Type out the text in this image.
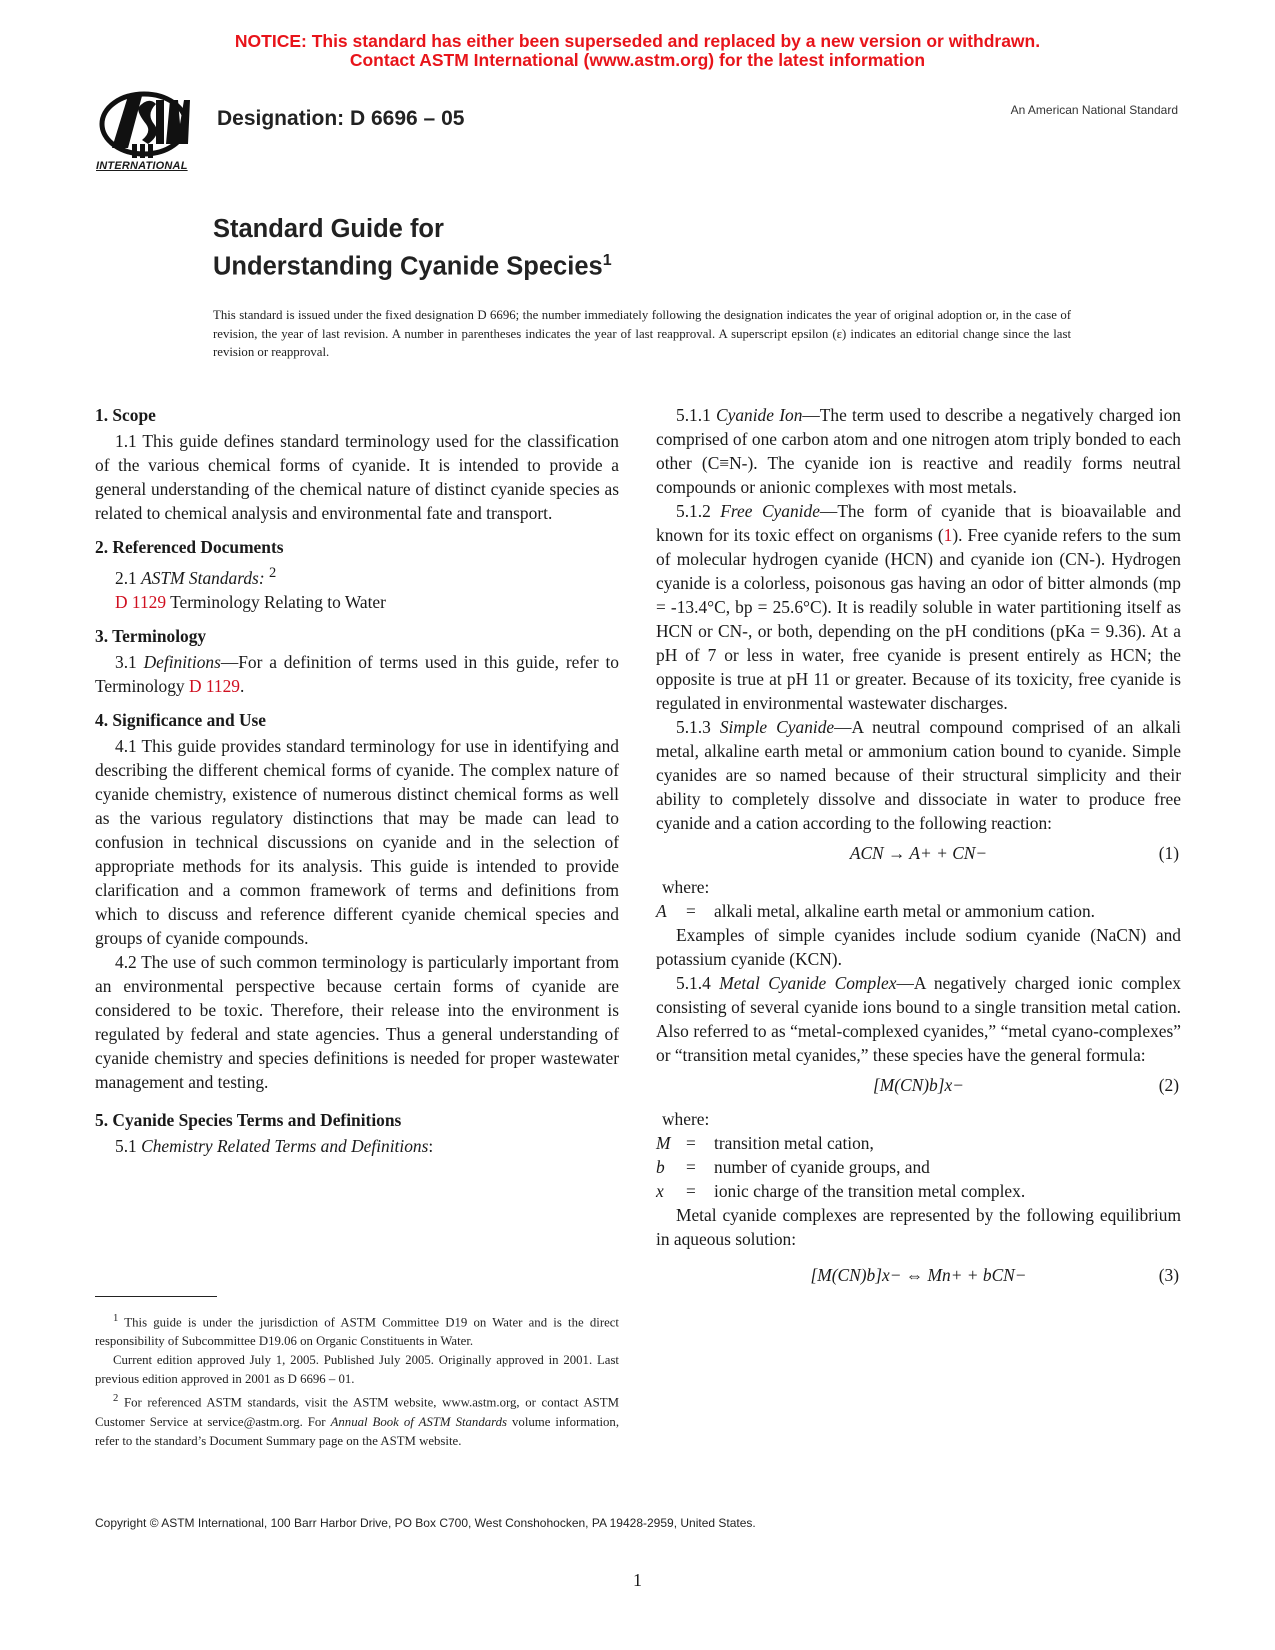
NOTICE: This standard has either been superseded and replaced by a new version or withdrawn.
Contact ASTM International (www.astm.org) for the latest information
INTERNATIONAL
Designation: D 6696 – 05	An American National Standard
Standard Guide for
Understanding Cyanide Species$^1$
This standard is issued under the fixed designation D 6696; the number immediately following the designation indicates the year of original adoption or, in the case of revision, the year of last revision. A number in parentheses indicates the year of last reapproval. A superscript epsilon (ε) indicates an editorial change since the last revision or reapproval.

1. Scope

1.1 This guide defines standard terminology used for the classification of the various chemical forms of cyanide. It is intended to provide a general understanding of the chemical nature of distinct cyanide species as related to chemical analysis and environmental fate and transport.

2. Referenced Documents

2.1 ASTM Standards: $^2$

D 1129 Terminology Relating to Water

3. Terminology

3.1 Definitions—For a definition of terms used in this guide, refer to Terminology D 1129.

4. Significance and Use

4.1 This guide provides standard terminology for use in identifying and describing the different chemical forms of cyanide. The complex nature of cyanide chemistry, existence of numerous distinct chemical forms as well as the various regulatory distinctions that may be made can lead to confusion in technical discussions on cyanide and in the selection of appropriate methods for its analysis. This guide is intended to provide clarification and a common framework of terms and definitions from which to discuss and reference different cyanide chemical species and groups of cyanide compounds.

4.2 The use of such common terminology is particularly important from an environmental perspective because certain forms of cyanide are considered to be toxic. Therefore, their release into the environment is regulated by federal and state agencies. Thus a general understanding of cyanide chemistry and species definitions is needed for proper wastewater management and testing.

5. Cyanide Species Terms and Definitions

5.1 Chemistry Related Terms and Definitions:

5.1.1 Cyanide Ion—The term used to describe a negatively charged ion comprised of one carbon atom and one nitrogen atom triply bonded to each other (C≡N-). The cyanide ion is reactive and readily forms neutral compounds or anionic complexes with most metals.

5.1.2 Free Cyanide—The form of cyanide that is bioavailable and known for its toxic effect on organisms (1). Free cyanide refers to the sum of molecular hydrogen cyanide (HCN) and cyanide ion (CN-). Hydrogen cyanide is a colorless, poisonous gas having an odor of bitter almonds (mp = -13.4°C, bp = 25.6°C). It is readily soluble in water partitioning itself as HCN or CN-, or both, depending on the pH conditions (pKa = 9.36). At a pH of 7 or less in water, free cyanide is present entirely as HCN; the opposite is true at pH 11 or greater. Because of its toxicity, free cyanide is regulated in environmental wastewater discharges.

5.1.3 Simple Cyanide—A neutral compound comprised of an alkali metal, alkaline earth metal or ammonium cation bound to cyanide. Simple cyanides are so named because of their structural simplicity and their ability to completely dissolve and dissociate in water to produce free cyanide and a cation according to the following reaction:

ACN → A+ + CN−	(1)

where:

A	=	alkali metal, alkaline earth metal or ammonium cation.

Examples of simple cyanides include sodium cyanide (NaCN) and potassium cyanide (KCN).

5.1.4 Metal Cyanide Complex—A negatively charged ionic complex consisting of several cyanide ions bound to a single transition metal cation. Also referred to as “metal-complexed cyanides,” “metal cyano-complexes” or “transition metal cyanides,” these species have the general formula:

[M(CN)b]x−	(2)

where:

M =	transition metal cation,

b	=	number of cyanide groups, and

x	=	ionic charge of the transition metal complex.

Metal cyanide complexes are represented by the following equilibrium in aqueous solution:

[M(CN)b]x− ⇔ Mn+ + bCN−	(3)

$^1$ This guide is under the jurisdiction of ASTM Committee D19 on Water and is the direct responsibility of Subcommittee D19.06 on Organic Constituents in Water.

Current edition approved July 1, 2005. Published July 2005. Originally approved in 2001. Last previous edition approved in 2001 as D 6696 – 01.

$^2$ For referenced ASTM standards, visit the ASTM website, www.astm.org, or contact ASTM Customer Service at service@astm.org. For Annual Book of ASTM Standards volume information, refer to the standard’s Document Summary page on the ASTM website.

Copyright © ASTM International, 100 Barr Harbor Drive, PO Box C700, West Conshohocken, PA 19428-2959, United States.
1
